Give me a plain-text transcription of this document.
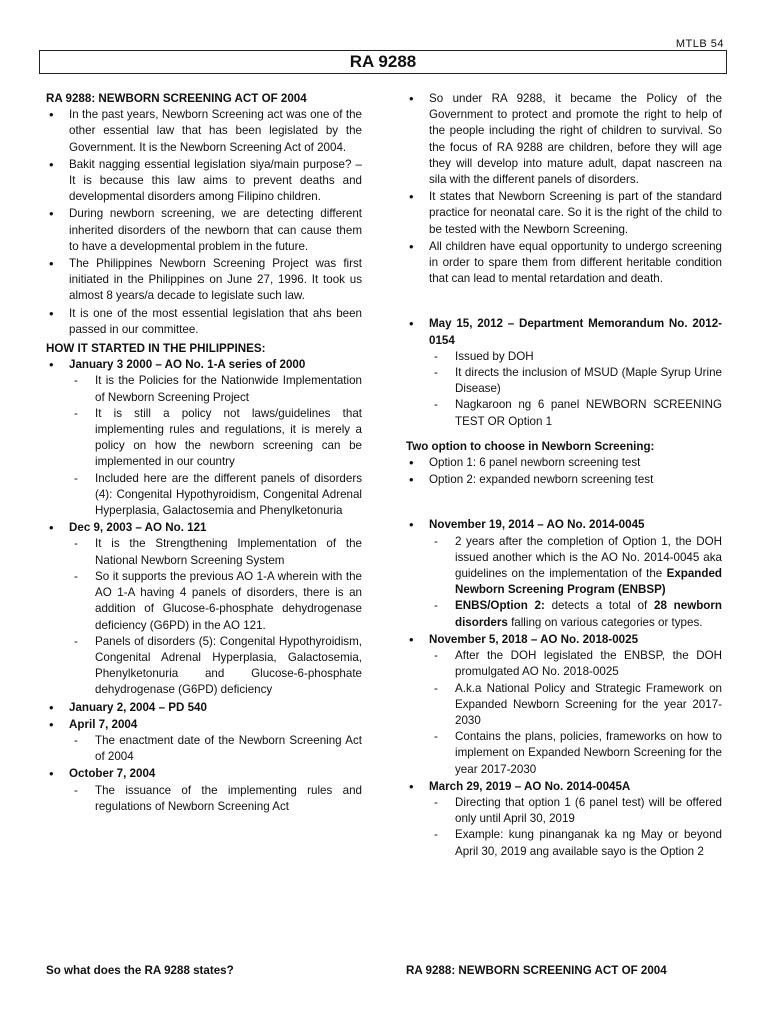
MTLB 54
RA 9288

RA 9288: NEWBORN SCREENING ACT OF 2004

• In the past years, Newborn Screening act was one of the other essential law that has been legislated by the Government. It is the Newborn Screening Act of 2004.
• Bakit nagging essential legislation siya/main purpose? – It is because this law aims to prevent deaths and developmental disorders among Filipino children.
• During newborn screening, we are detecting different inherited disorders of the newborn that can cause them to have a developmental problem in the future.
• The Philippines Newborn Screening Project was first initiated in the Philippines on June 27, 1996. It took us almost 8 years/a decade to legislate such law.
• It is one of the most essential legislation that ahs been passed in our committee.

HOW IT STARTED IN THE PHILIPPINES:

• January 3 2000 – AO No. 1-A series of 2000
- It is the Policies for the Nationwide Implementation of Newborn Screening Project
- It is still a policy not laws/guidelines that implementing rules and regulations, it is merely a policy on how the newborn screening can be implemented in our country
- Included here are the different panels of disorders (4): Congenital Hypothyroidism, Congenital Adrenal Hyperplasia, Galactosemia and Phenylketonuria
• Dec 9, 2003 – AO No. 121
- It is the Strengthening Implementation of the National Newborn Screening System
- So it supports the previous AO 1-A wherein with the AO 1-A having 4 panels of disorders, there is an addition of Glucose-6-phosphate dehydrogenase deficiency (G6PD) in the AO 121.
- Panels of disorders (5): Congenital Hypothyroidism, Congenital Adrenal Hyperplasia, Galactosemia, Phenylketonuria and Glucose-6-phosphate dehydrogenase (G6PD) deficiency
• January 2, 2004 – PD 540
• April 7, 2004
- The enactment date of the Newborn Screening Act of 2004
• October 7, 2004
- The issuance of the implementing rules and regulations of Newborn Screening Act
So what does the RA 9288 states?
• So under RA 9288, it became the Policy of the Government to protect and promote the right to help of the people including the right of children to survival. So the focus of RA 9288 are children, before they will age they will develop into mature adult, dapat nascreen na sila with the different panels of disorders.
• It states that Newborn Screening is part of the standard practice for neonatal care. So it is the right of the child to be tested with the Newborn Screening.
• All children have equal opportunity to undergo screening in order to spare them from different heritable condition that can lead to mental retardation and death.
• May 15, 2012 – Department Memorandum No. 2012-0154
- Issued by DOH
- It directs the inclusion of MSUD (Maple Syrup Urine Disease)
- Nagkaroon ng 6 panel NEWBORN SCREENING TEST OR Option 1

Two option to choose in Newborn Screening:

• Option 1: 6 panel newborn screening test
• Option 2: expanded newborn screening test
• November 19, 2014 – AO No. 2014-0045
- 2 years after the completion of Option 1, the DOH issued another which is the AO No. 2014-0045 aka guidelines on the implementation of the Expanded Newborn Screening Program (ENBSP)
- ENBS/Option 2: detects a total of 28 newborn disorders falling on various categories or types.
• November 5, 2018 – AO No. 2018-0025
- After the DOH legislated the ENBSP, the DOH promulgated AO No. 2018-0025
- A.k.a National Policy and Strategic Framework on Expanded Newborn Screening for the year 2017-2030
- Contains the plans, policies, frameworks on how to implement on Expanded Newborn Screening for the year 2017-2030
• March 29, 2019 – AO No. 2014-0045A
- Directing that option 1 (6 panel test) will be offered only until April 30, 2019
- Example: kung pinanganak ka ng May or beyond April 30, 2019 ang available sayo is the Option 2
RA 9288: NEWBORN SCREENING ACT OF 2004
